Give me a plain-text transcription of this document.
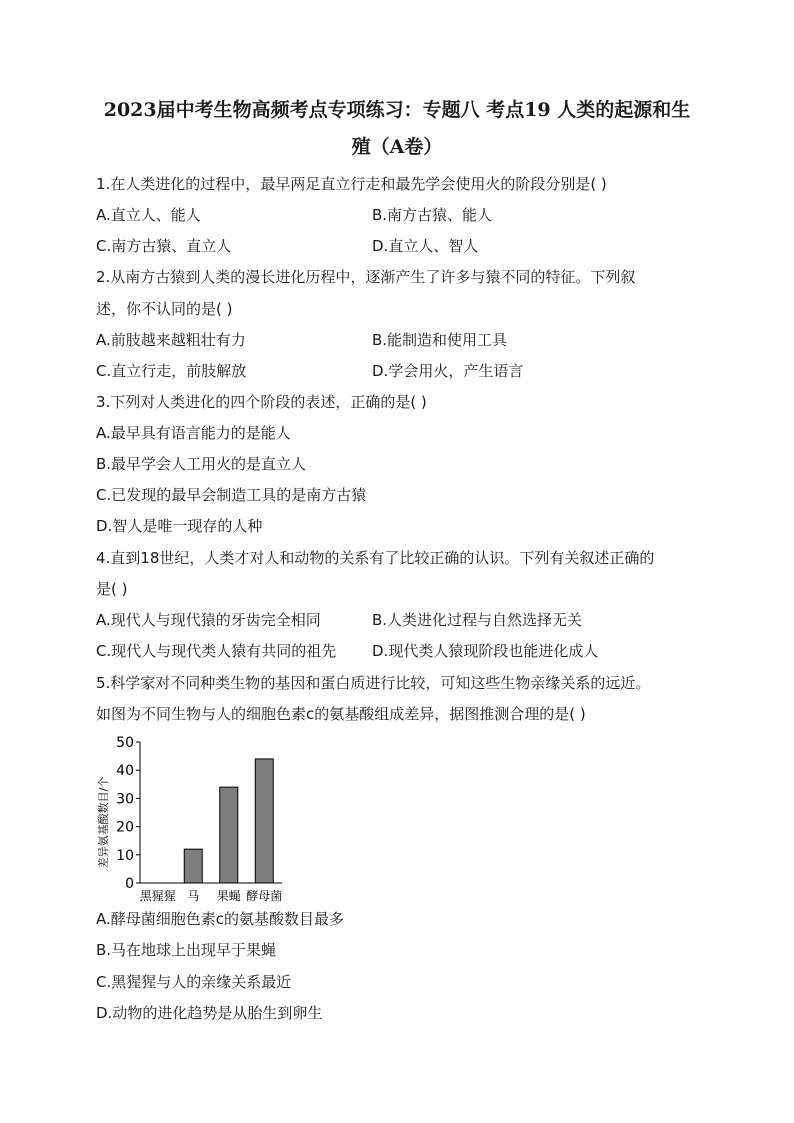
2023届中考生物高频考点专项练习：专题八 考点19 人类的起源和生
殖（A卷）
1.在人类进化的过程中，最早两足直立行走和最先学会使用火的阶段分别是( )
A.直立人、能人	B.南方古猿、能人
C.南方古猿、直立人	D.直立人、智人
2.从南方古猿到人类的漫长进化历程中，逐渐产生了许多与猿不同的特征。下列叙
述，你不认同的是( )
A.前肢越来越粗壮有力	B.能制造和使用工具
C.直立行走，前肢解放	D.学会用火，产生语言
3.下列对人类进化的四个阶段的表述，正确的是( )
A.最早具有语言能力的是能人
B.最早学会人工用火的是直立人
C.已发现的最早会制造工具的是南方古猿
D.智人是唯一现存的人种
4.直到18世纪，人类才对人和动物的关系有了比较正确的认识。下列有关叙述正确的
是( )
A.现代人与现代猿的牙齿完全相同	B.人类进化过程与自然选择无关
C.现代人与现代类人猿有共同的祖先 D.现代类人猿现阶段也能进化成人
5.科学家对不同种类生物的基因和蛋白质进行比较，可知这些生物亲缘关系的远近。
如图为不同生物与人的细胞色素c的氨基酸组成差异，据图推测合理的是( )
0
10
20
30
40
50
差异氨基酸数目/个
黑猩猩 马 果蝇 酵母菌
A.酵母菌细胞色素c的氨基酸数目最多
B.马在地球上出现早于果蝇
C.黑猩猩与人的亲缘关系最近
D.动物的进化趋势是从胎生到卵生
